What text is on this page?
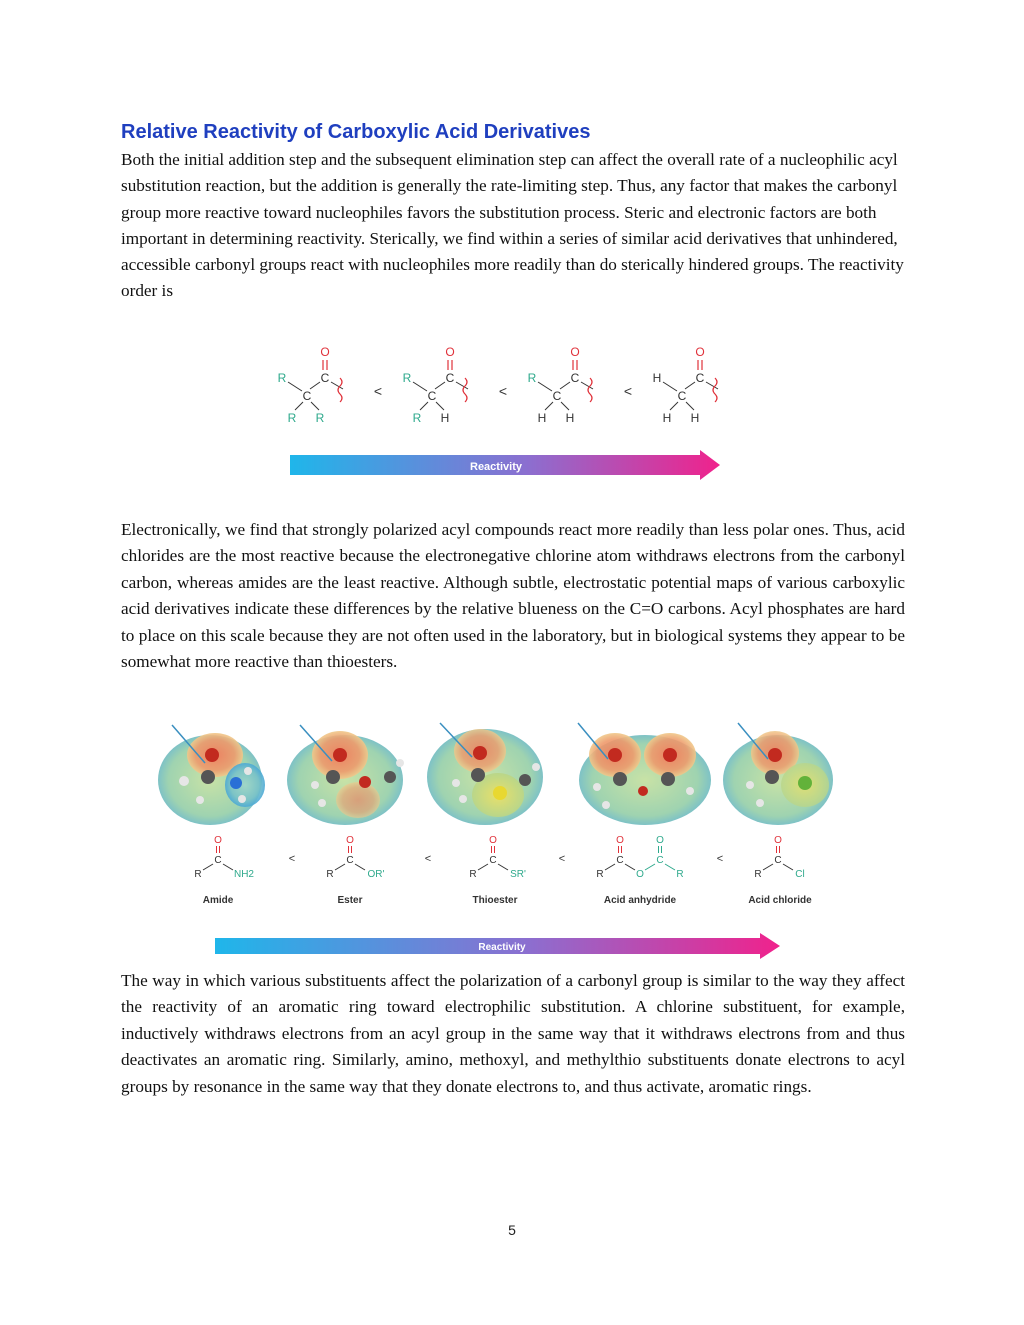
Relative Reactivity of Carboxylic Acid Derivatives

Both the initial addition step and the subsequent elimination step can affect the overall rate of a nucleophilic acyl substitution reaction, but the addition is generally the rate-limiting step. Thus, any factor that makes the carbonyl group more reactive toward nucleophiles favors the substitution process. Steric and electronic factors are both important in determining reactivity. Sterically, we find within a series of similar acid derivatives that unhindered, accessible carbonyl groups react with nucleophiles more readily than do sterically hindered groups. The reactivity order is

O
C
C
R
R R
<
O
C
C
R
R H
<
O
C
C
R
H H
<
O
C
C
H
H H
Reactivity

Electronically, we find that strongly polarized acyl compounds react more readily than less polar ones. Thus, acid chlorides are the most reactive because the electronegative chlorine atom withdraws electrons from the carbonyl carbon, whereas amides are the least reactive. Although subtle, electrostatic potential maps of various carboxylic acid derivatives indicate these differences by the relative blueness on the C=O carbons. Acyl phosphates are hard to place on this scale because they are not often used in the laboratory, but in biological systems they appear to be somewhat more reactive than thioesters.

O
C
R	NH2
<
O
C
R	OR'
<
O
C
R	SR'
<
O
C
O
C
R	O	R
<
O
C
R	Cl
Amide	Ester	Thioester	Acid anhydride	Acid chloride
Reactivity

The way in which various substituents affect the polarization of a carbonyl group is similar to the way they affect the reactivity of an aromatic ring toward electrophilic substitution. A chlorine substituent, for example, inductively withdraws electrons from an acyl group in the same way that it withdraws electrons from and thus deactivates an aromatic ring. Similarly, amino, methoxyl, and methylthio substituents donate electrons to acyl groups by resonance in the same way that they donate electrons to, and thus activate, aromatic rings.

5
